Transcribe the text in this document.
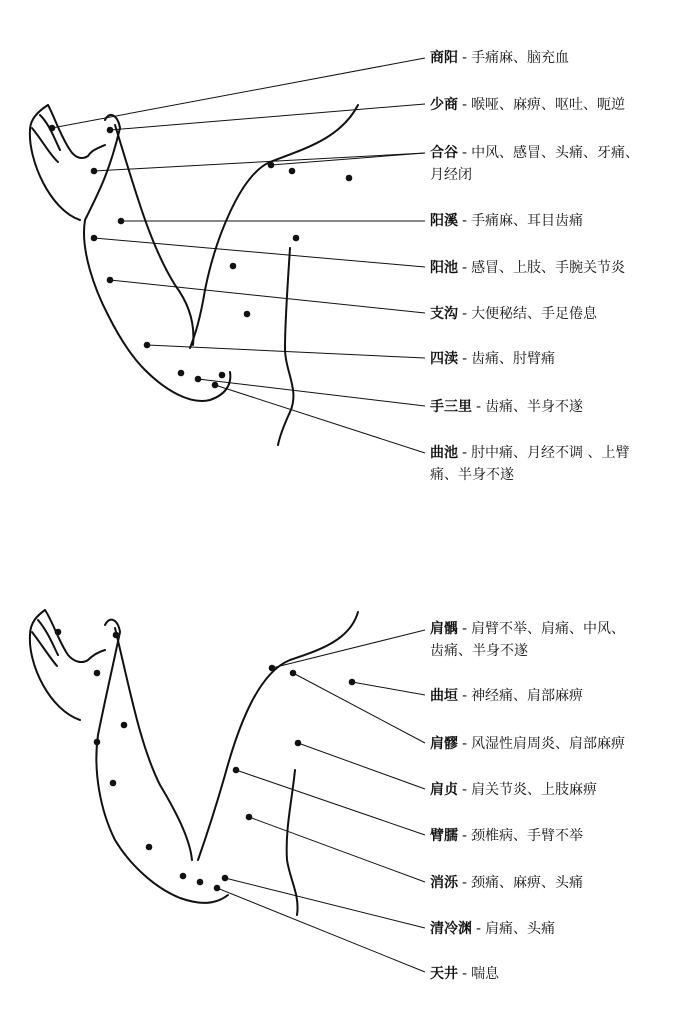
商阳 - 手痛麻、脑充血
少商 - 喉哑、麻痹、呕吐、呃逆
合谷 - 中风、感冒、头痛、牙痛、
月经闭
阳溪 - 手痛麻、耳目齿痛
阳池 - 感冒、上肢、手腕关节炎
支沟 - 大便秘结、手足倦息
四渎 - 齿痛、肘臂痛
手三里 - 齿痛、半身不遂
曲池 - 肘中痛、月经不调 、上臂
痛、半身不遂
肩髃 - 肩臂不举、肩痛、中风、
齿痛、半身不遂
曲垣 - 神经痛、肩部麻痹
肩髎 - 风湿性肩周炎、肩部麻痹
肩贞 - 肩关节炎、上肢麻痹
臂臑 - 颈椎病、手臂不举
消泺 - 颈痛、麻痹、头痛
清冷渊 - 肩痛、头痛
天井 - 喘息
